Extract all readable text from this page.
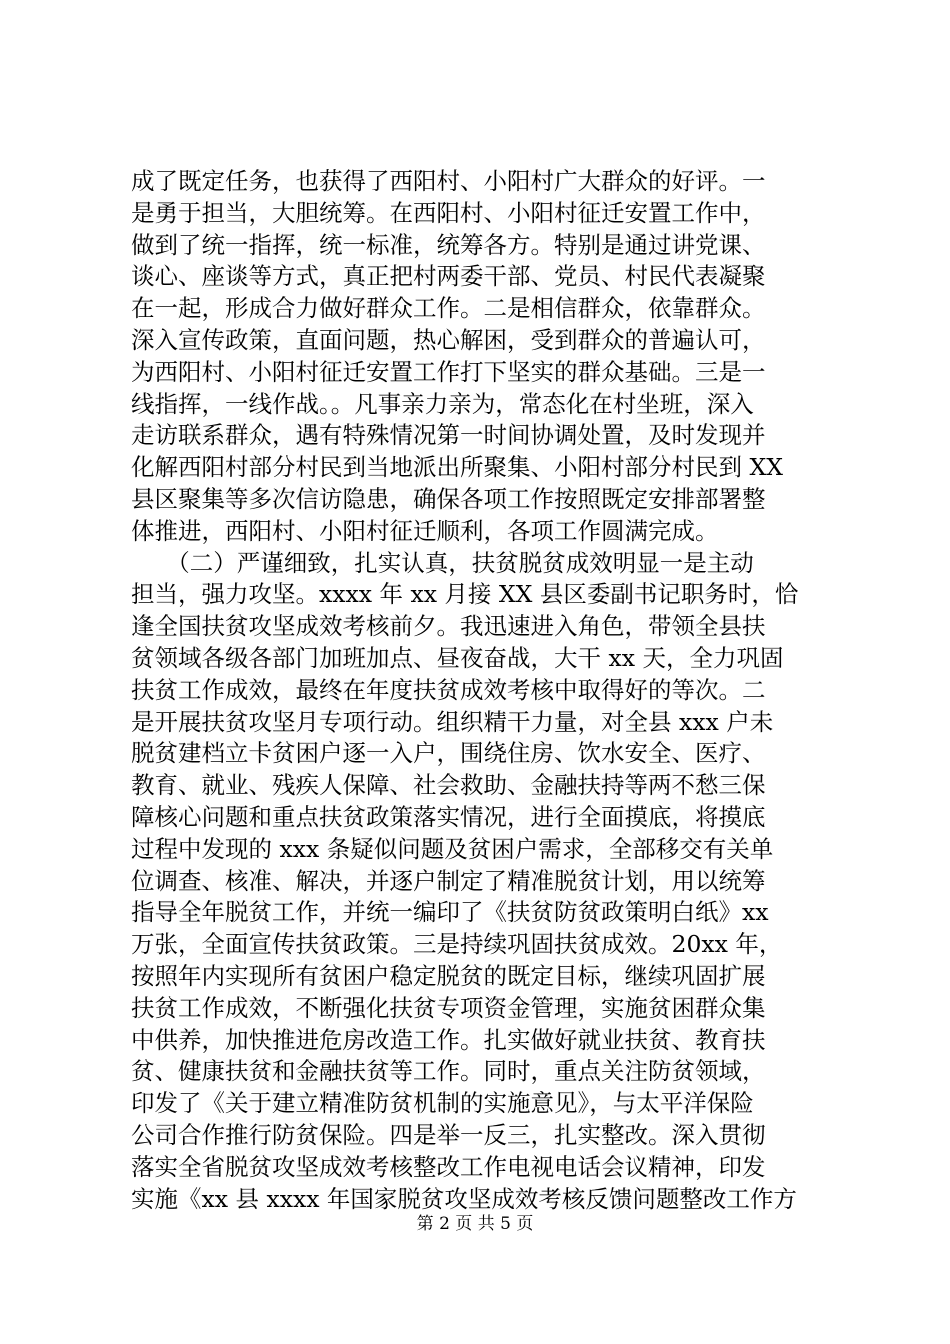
成了既定任务，也获得了西阳村、小阳村广大群众的好评。一
是勇于担当，大胆统筹。在西阳村、小阳村征迁安置工作中，
做到了统一指挥，统一标准，统筹各方。特别是通过讲党课、
谈心、座谈等方式，真正把村两委干部、党员、村民代表凝聚
在一起，形成合力做好群众工作。二是相信群众，依靠群众。
深入宣传政策，直面问题，热心解困，受到群众的普遍认可，
为西阳村、小阳村征迁安置工作打下坚实的群众基础。三是一
线指挥，一线作战。。凡事亲力亲为，常态化在村坐班，深入
走访联系群众，遇有特殊情况第一时间协调处置，及时发现并
化解西阳村部分村民到当地派出所聚集、小阳村部分村民到 XX
县区聚集等多次信访隐患，确保各项工作按照既定安排部署整
体推进，西阳村、小阳村征迁顺利，各项工作圆满完成。
　　（二）严谨细致，扎实认真，扶贫脱贫成效明显一是主动
担当，强力攻坚。xxxx 年 xx 月接 XX 县区委副书记职务时，恰
逢全国扶贫攻坚成效考核前夕。我迅速进入角色，带领全县扶
贫领域各级各部门加班加点、昼夜奋战，大干 xx 天，全力巩固
扶贫工作成效，最终在年度扶贫成效考核中取得好的等次。二
是开展扶贫攻坚月专项行动。组织精干力量，对全县 xxx 户未
脱贫建档立卡贫困户逐一入户，围绕住房、饮水安全、医疗、
教育、就业、残疾人保障、社会救助、金融扶持等两不愁三保
障核心问题和重点扶贫政策落实情况，进行全面摸底，将摸底
过程中发现的 xxx 条疑似问题及贫困户需求，全部移交有关单
位调查、核准、解决，并逐户制定了精准脱贫计划，用以统筹
指导全年脱贫工作，并统一编印了《扶贫防贫政策明白纸》xx
万张，全面宣传扶贫政策。三是持续巩固扶贫成效。20xx 年，
按照年内实现所有贫困户稳定脱贫的既定目标，继续巩固扩展
扶贫工作成效，不断强化扶贫专项资金管理，实施贫困群众集
中供养，加快推进危房改造工作。扎实做好就业扶贫、教育扶
贫、健康扶贫和金融扶贫等工作。同时，重点关注防贫领域，
印发了《关于建立精准防贫机制的实施意见》，与太平洋保险
公司合作推行防贫保险。四是举一反三，扎实整改。深入贯彻
落实全省脱贫攻坚成效考核整改工作电视电话会议精神，印发
实施《xx 县 xxxx 年国家脱贫攻坚成效考核反馈问题整改工作方
第 2 页 共 5 页
